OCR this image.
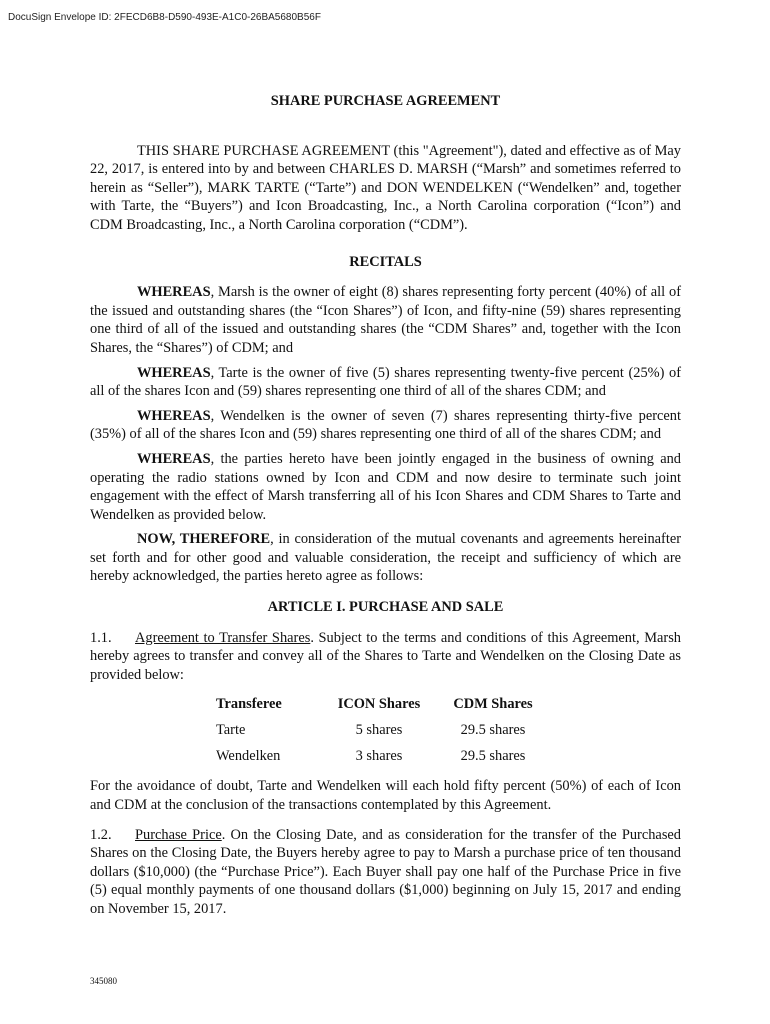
DocuSign Envelope ID: 2FECD6B8-D590-493E-A1C0-26BA5680B56F
SHARE PURCHASE AGREEMENT

THIS SHARE PURCHASE AGREEMENT (this "Agreement"), dated and effective as of May 22, 2017, is entered into by and between CHARLES D. MARSH (“Marsh” and sometimes referred to herein as “Seller”), MARK TARTE (“Tarte”) and DON WENDELKEN (“Wendelken” and, together with Tarte, the “Buyers”) and Icon Broadcasting, Inc., a North Carolina corporation (“Icon”) and CDM Broadcasting, Inc., a North Carolina corporation (“CDM”).

RECITALS

WHEREAS, Marsh is the owner of eight (8) shares representing forty percent (40%) of all of the issued and outstanding shares (the “Icon Shares”) of Icon, and fifty-nine (59) shares representing one third of all of the issued and outstanding shares (the “CDM Shares” and, together with the Icon Shares, the “Shares”) of CDM; and

WHEREAS, Tarte is the owner of five (5) shares representing twenty-five percent (25%) of all of the shares Icon and (59) shares representing one third of all of the shares CDM; and

WHEREAS, Wendelken is the owner of seven (7) shares representing thirty-five percent (35%) of all of the shares Icon and (59) shares representing one third of all of the shares CDM; and

WHEREAS, the parties hereto have been jointly engaged in the business of owning and operating the radio stations owned by Icon and CDM and now desire to terminate such joint engagement with the effect of Marsh transferring all of his Icon Shares and CDM Shares to Tarte and Wendelken as provided below.

NOW, THEREFORE, in consideration of the mutual covenants and agreements hereinafter set forth and for other good and valuable consideration, the receipt and sufficiency of which are hereby acknowledged, the parties hereto agree as follows:

ARTICLE I. PURCHASE AND SALE

1.1. Agreement to Transfer Shares. Subject to the terms and conditions of this Agreement, Marsh hereby agrees to transfer and convey all of the Shares to Tarte and Wendelken on the Closing Date as provided below:

Transferee	ICON Shares	CDM Shares
Tarte	5 shares	29.5 shares
Wendelken	3 shares	29.5 shares

For the avoidance of doubt, Tarte and Wendelken will each hold fifty percent (50%) of each of Icon and CDM at the conclusion of the transactions contemplated by this Agreement.

1.2. Purchase Price. On the Closing Date, and as consideration for the transfer of the Purchased Shares on the Closing Date, the Buyers hereby agree to pay to Marsh a purchase price of ten thousand dollars ($10,000) (the “Purchase Price”). Each Buyer shall pay one half of the Purchase Price in five (5) equal monthly payments of one thousand dollars ($1,000) beginning on July 15, 2017 and ending on November 15, 2017.

345080
